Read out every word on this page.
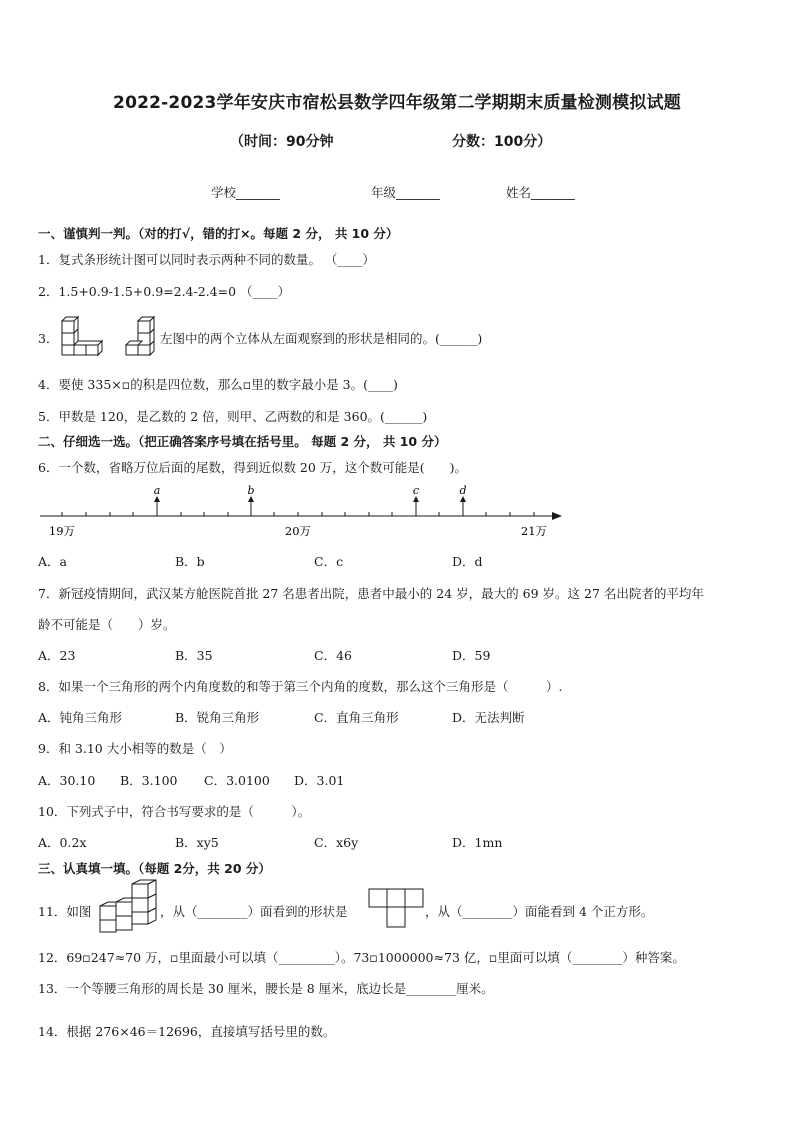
2022-2023学年安庆市宿松县数学四年级第二学期期末质量检测模拟试题
（时间：90分钟	分数：100分）
学校_______	年级_______	姓名_______
一、谨慎判一判。（对的打√，错的打×。每题 2 分， 共 10 分）
1．复式条形统计图可以同时表示两种不同的数量。 （____）
2．1.5+0.9-1.5+0.9=2.4-2.4=0 （____）
3．	左图中的两个立体从左面观察到的形状是相同的。(______)
4．要使 335×▫的积是四位数，那么▫里的数字最小是 3。(____)
5．甲数是 120，是乙数的 2 倍，则甲、乙两数的和是 360。(______)
二、仔细选一选。（把正确答案序号填在括号里。 每题 2 分， 共 10 分）
6．一个数，省略万位后面的尾数，得到近似数 20 万，这个数可能是(　　)。
a	b	c	d
19万	20万	21万
A．a	B．b	C．c	D．d
7．新冠疫情期间，武汉某方舱医院首批 27 名患者出院，患者中最小的 24 岁，最大的 69 岁。这 27 名出院者的平均年
龄不可能是（　　）岁。
A．23	B．35	C．46	D．59
8．如果一个三角形的两个内角度数的和等于第三个内角的度数，那么这个三角形是（　　　）.
A．钝角三角形	B．锐角三角形	C．直角三角形	D．无法判断
9．和 3.10 大小相等的数是（　）
A．30.10 B．3.100 C．3.0100 D．3.01
10．下列式子中，符合书写要求的是（　　　）。
A．0.2x	B．xy5	C．x6y	D．1mn
三、认真填一填。（每题 2分，共 20 分）
11．如图	，从（________）面看到的形状是	，从（________）面能看到 4 个正方形。
12．69▫247≈70 万，▫里面最小可以填（_________）。73▫1000000≈73 亿，▫里面可以填（________）种答案。
13．一个等腰三角形的周长是 30 厘米，腰长是 8 厘米，底边长是________厘米。
14．根据 276×46＝12696，直接填写括号里的数。
